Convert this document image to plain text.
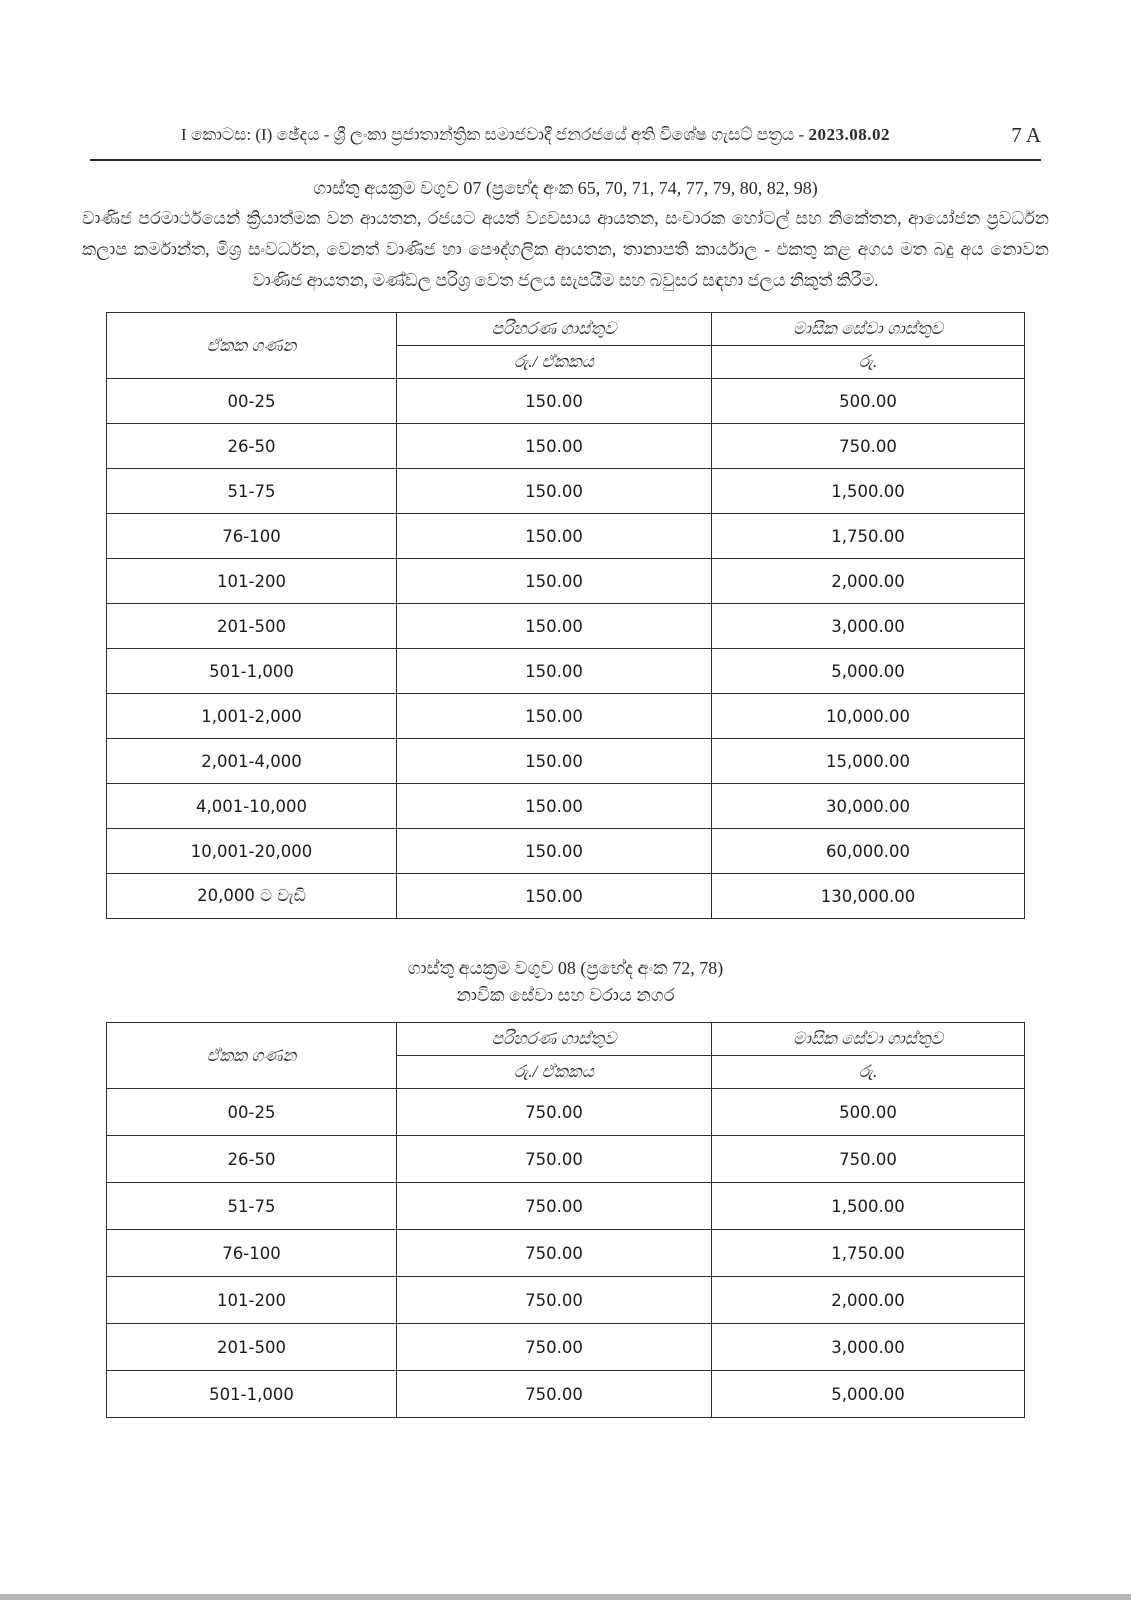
I කොටස: (I) ඡේදය - ශ්‍රී ලංකා ප්‍රජාතාන්ත්‍රික සමාජවාදී ජනරජයේ අති විශේෂ ගැසට් පත්‍රය - 2023.08.02	7 A
ගාස්තු අයක්‍රම වගුව 07 (ප්‍රභේද අංක 65, 70, 71, 74, 77, 79, 80, 82, 98)
වාණිජ පරමාර්ථයෙන් ක්‍රියාත්මක වන ආයතන, රජයට අයත් ව්‍යවසාය ආයතන, සංචාරක හෝටල් සහ නිකේතන, ආයෝජන ප්‍රවර්ධන කලාප කර්මාන්ත, මිශ්‍ර සංවර්ධන, වෙනත් වාණිජ හා පෞද්ගලික ආයතන, තානාපති කාර්යාල - එකතු කළ අගය මත බදු අය නොවන වාණිජ ආයතන, මණ්ඩල පරිශ්‍ර වෙත ජලය සැපයීම සහ බවුසර සඳහා ජලය නිකුත් කිරීම.
ඒකක ගණන	පරිහරණ ගාස්තුව	මාසික සේවා ගාස්තුව
	රු./ ඒකකය	රු.
00-25	150.00	500.00
26-50	150.00	750.00
51-75	150.00	1,500.00
76-100	150.00	1,750.00
101-200	150.00	2,000.00
201-500	150.00	3,000.00
501-1,000	150.00	5,000.00
1,001-2,000	150.00	10,000.00
2,001-4,000	150.00	15,000.00
4,001-10,000	150.00	30,000.00
10,001-20,000	150.00	60,000.00
20,000 ට වැඩි	150.00	130,000.00
ගාස්තු අයක්‍රම වගුව 08 (ප්‍රභේද අංක 72, 78)
නාවික සේවා සහ වරාය නගර
ඒකක ගණන	පරිහරණ ගාස්තුව	මාසික සේවා ගාස්තුව
	රු./ ඒකකය	රු.
00-25	750.00	500.00
26-50	750.00	750.00
51-75	750.00	1,500.00
76-100	750.00	1,750.00
101-200	750.00	2,000.00
201-500	750.00	3,000.00
501-1,000	750.00	5,000.00
